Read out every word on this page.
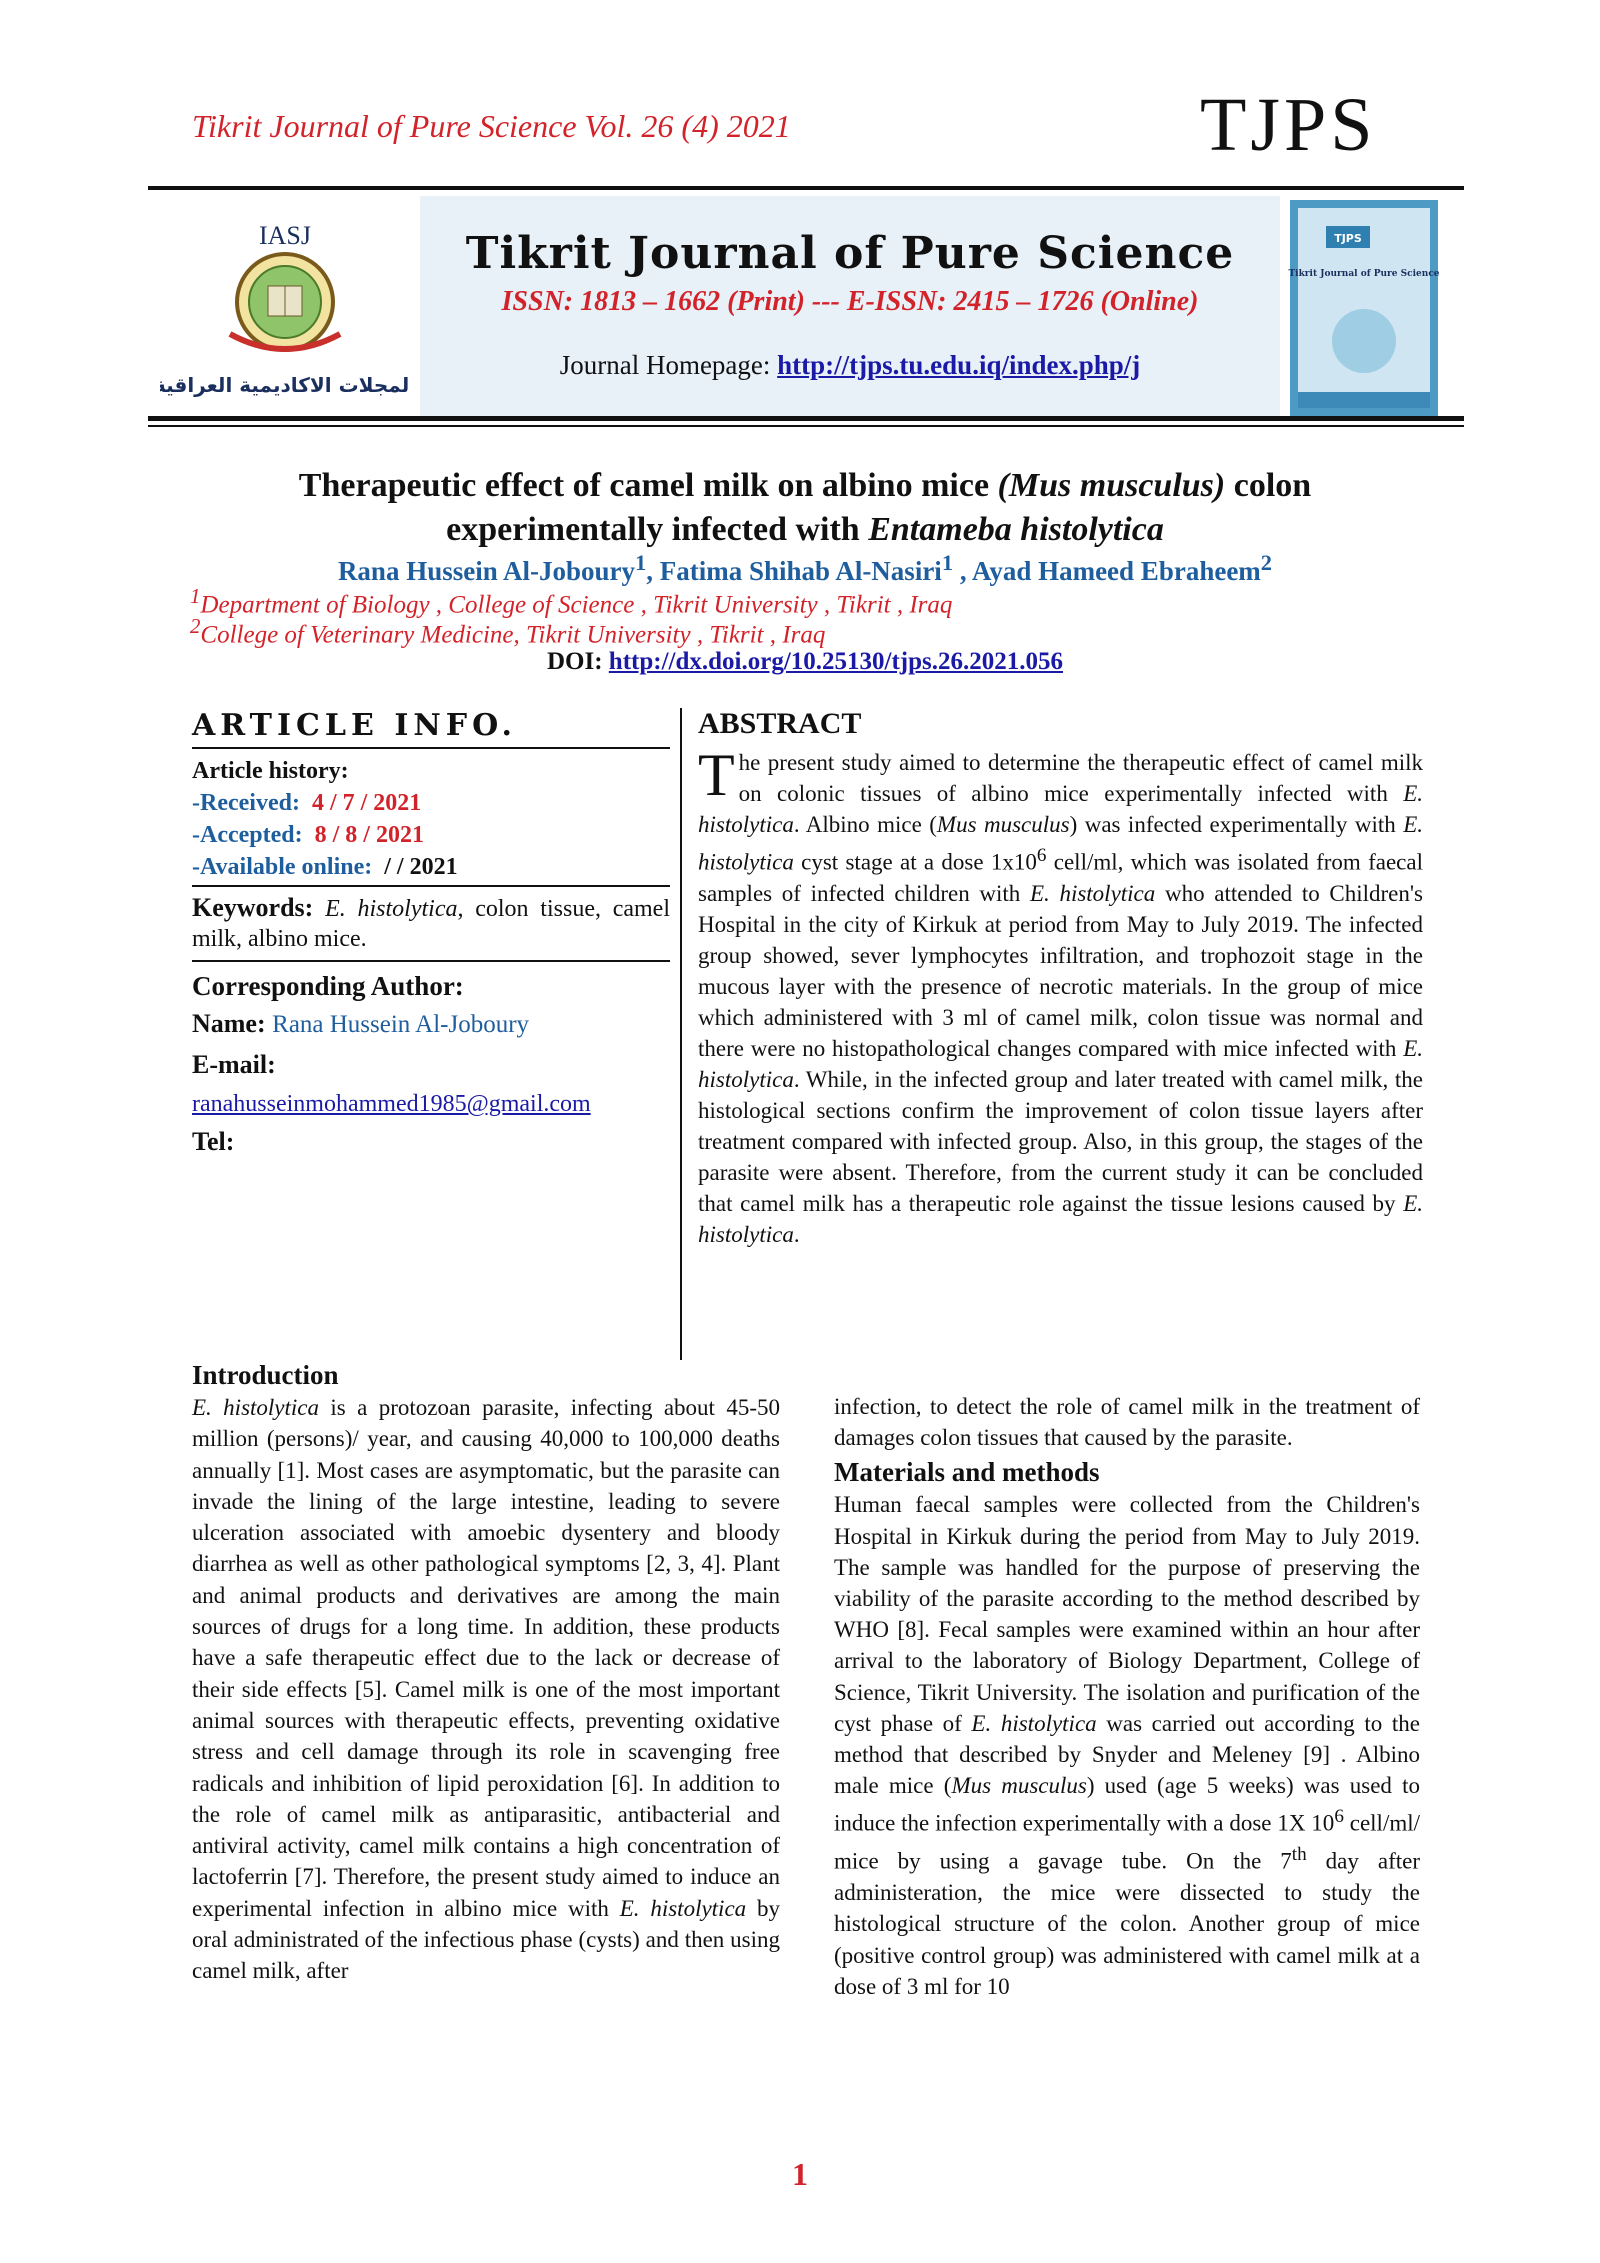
Tikrit Journal of Pure Science Vol. 26 (4) 2021	TJPS
IASJ
المجلات الاكاديمية العراقية
Tikrit Journal of Pure Science
ISSN: 1813 – 1662 (Print) --- E-ISSN: 2415 – 1726 (Online)
Journal Homepage: http://tjps.tu.edu.iq/index.php/j
TJPS
Tikrit Journal of Pure Science
Therapeutic effect of camel milk on albino mice (Mus musculus) colon
experimentally infected with Entameba histolytica
Rana Hussein Al-Joboury$^1$, Fatima Shihab Al-Nasiri$^1$ , Ayad Hameed Ebraheem$^2$
$^1$Department of Biology , College of Science , Tikrit University , Tikrit , Iraq
$^2$College of Veterinary Medicine, Tikrit University , Tikrit , Iraq
DOI: http://dx.doi.org/10.25130/tjps.26.2021.056
ARTICLE INFO.
Article history:
-Received: 4 / 7 / 2021
-Accepted: 8 / 8 / 2021
-Available online: / / 2021
Keywords: E. histolytica, colon tissue, camel milk, albino mice.
Corresponding Author:
Name: Rana Hussein Al-Joboury
E-mail:
ranahusseinmohammed1985@gmail.com
Tel:
ABSTRACT

The present study aimed to determine the therapeutic effect of camel milk on colonic tissues of albino mice experimentally infected with E. histolytica. Albino mice (Mus musculus) was infected experimentally with E. histolytica cyst stage at a dose $1x10^6$ cell/ml, which was isolated from faecal samples of infected children with E. histolytica who attended to Children's Hospital in the city of Kirkuk at period from May to July 2019. The infected group showed, sever lymphocytes infiltration, and trophozoit stage in the mucous layer with the presence of necrotic materials. In the group of mice which administered with 3 ml of camel milk, colon tissue was normal and there were no histopathological changes compared with mice infected with E. histolytica. While, in the infected group and later treated with camel milk, the histological sections confirm the improvement of colon tissue layers after treatment compared with infected group. Also, in this group, the stages of the parasite were absent. Therefore, from the current study it can be concluded that camel milk has a therapeutic role against the tissue lesions caused by E. histolytica.

Introduction

E. histolytica is a protozoan parasite, infecting about 45-50 million (persons)/ year, and causing 40,000 to 100,000 deaths annually [1]. Most cases are asymptomatic, but the parasite can invade the lining of the large intestine, leading to severe ulceration associated with amoebic dysentery and bloody diarrhea as well as other pathological symptoms [2, 3, 4]. Plant and animal products and derivatives are among the main sources of drugs for a long time. In addition, these products have a safe therapeutic effect due to the lack or decrease of their side effects [5]. Camel milk is one of the most important animal sources with therapeutic effects, preventing oxidative stress and cell damage through its role in scavenging free radicals and inhibition of lipid peroxidation [6]. In addition to the role of camel milk as antiparasitic, antibacterial and antiviral activity, camel milk contains a high concentration of lactoferrin [7]. Therefore, the present study aimed to induce an experimental infection in albino mice with E. histolytica by oral administrated of the infectious phase (cysts) and then using camel milk, after

infection, to detect the role of camel milk in the treatment of damages colon tissues that caused by the parasite.

Materials and methods

Human faecal samples were collected from the Children's Hospital in Kirkuk during the period from May to July 2019. The sample was handled for the purpose of preserving the viability of the parasite according to the method described by WHO [8]. Fecal samples were examined within an hour after arrival to the laboratory of Biology Department, College of Science, Tikrit University. The isolation and purification of the cyst phase of E. histolytica was carried out according to the method that described by Snyder and Meleney [9] . Albino male mice (Mus musculus) used (age 5 weeks) was used to induce the infection experimentally with a dose 1X $10^6$ cell/ml/ mice by using a gavage tube. On the 7th day after administeration, the mice were dissected to study the histological structure of the colon. Another group of mice (positive control group) was administered with camel milk at a dose of 3 ml for 10

1
